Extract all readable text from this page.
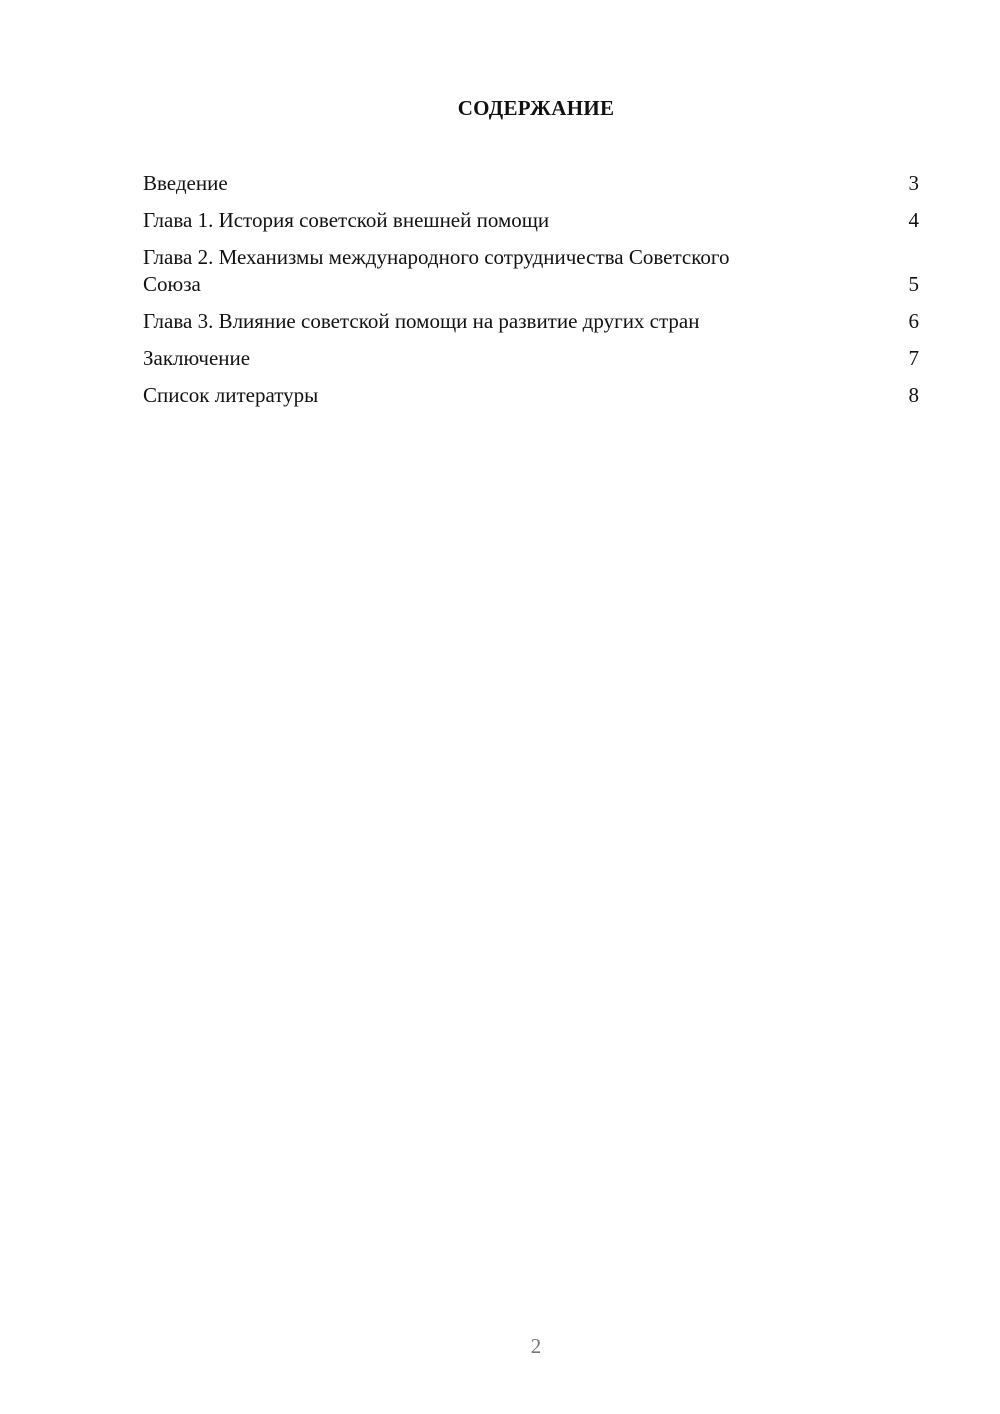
СОДЕРЖАНИЕ
Введение	3
Глава 1. История советской внешней помощи	4
Глава 2. Механизмы международного сотрудничества Советского Союза	5
Глава 3. Влияние советской помощи на развитие других стран	6
Заключение	7
Список литературы	8
2
